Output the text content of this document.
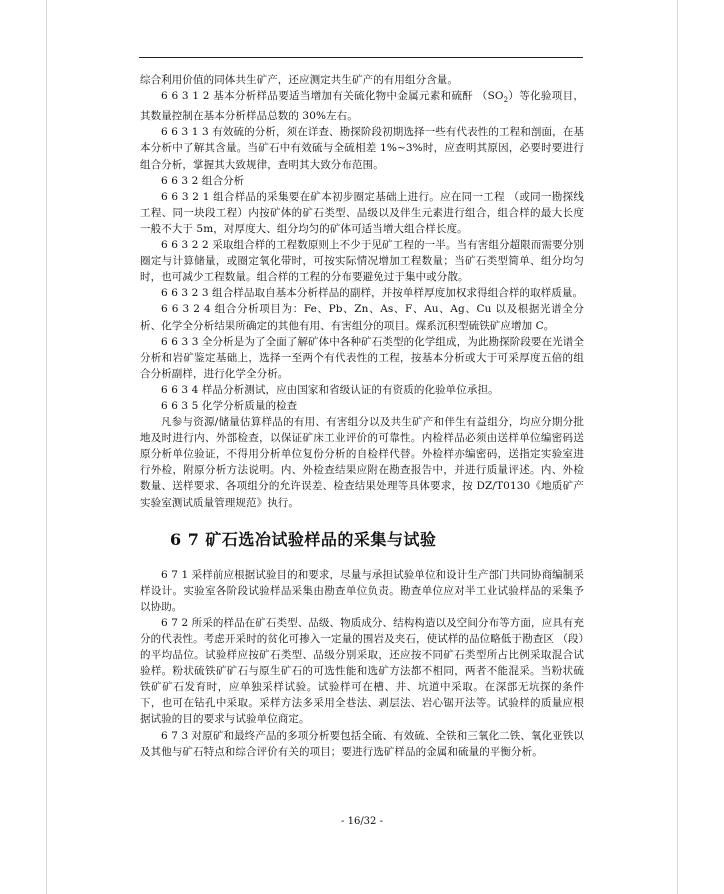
综合利用价值的同体共生矿产，还应测定共生矿产的有用组分含量。

6 6 3 1 2 基本分析样品要适当增加有关硫化物中金属元素和硫酐 $(SO_2)$等化验项目，其数量控制在基本分析样品总数的 30%左右。

6 6 3 1 3 有效硫的分析，须在详查、勘探阶段初期选择一些有代表性的工程和剖面，在基本分析中了解其含量。当矿石中有效硫与全硫相差 1%~3%时，应查明其原因，必要时要进行组合分析，掌握其大致规律，查明其大致分布范围。

6 6 3 2 组合分析

6 6 3 2 1 组合样品的采集要在矿本初步圈定基础上进行。应在同一工程 （或同一勘探线工程、同一块段工程）内按矿体的矿石类型、品级以及伴生元素进行组合，组合样的最大长度一般不大于 5m，对厚度大、组分均匀的矿体可适当增大组合样长度。

6 6 3 2 2 采取组合样的工程数原则上不少于见矿工程的一半。当有害组分超限而需要分别圈定与计算储量，或圈定氧化带时，可按实际情况增加工程数量；当矿石类型简单、组分均匀时，也可减少工程数量。组合样的工程的分布要避免过于集中或分散。

6 6 3 2 3 组合样品取自基本分析样品的副样，并按单样厚度加权求得组合样的取样质量。

6 6 3 2 4 组合分析项目为：Fe、Pb、Zn、As、F、Au、Ag、Cu 以及根据光谱全分析、化学全分析结果所确定的其他有用、有害组分的项目。煤系沉积型硫铁矿应增加 C。

6 6 3 3 全分析是为了全面了解矿体中各种矿石类型的化学组成，为此勘探阶段要在光谱全分析和岩矿鉴定基础上，选择一至两个有代表性的工程，按基本分析或大于可采厚度五倍的组合分析副样，进行化学全分析。

6 6 3 4 样品分析测试，应由国家和省级认证的有资质的化验单位承担。

6 6 3 5 化学分析质量的检查

凡参与资源/储量估算样品的有用、有害组分以及共生矿产和伴生有益组分，均应分期分批地及时进行内、外部检查，以保证矿床工业评价的可靠性。内检样品必须由送样单位编密码送原分析单位验证，不得用分析单位复份分析的自检样代替。外检样亦编密码，送指定实验室进行外检，附原分析方法说明。内、外检查结果应附在勘查报告中，并进行质量评述。内、外检数量、送样要求、各项组分的允许误差、检查结果处理等具体要求，按 DZ/T0130《地质矿产实验室测试质量管理规范》执行。

6 7 矿石选冶试验样品的采集与试验

6 7 1 采样前应根据试验目的和要求，尽量与承担试验单位和设计生产部门共同协商编制采样设计。实验室各阶段试验样品采集由勘查单位负责。勘查单位应对半工业试验样品的采集予以协助。

6 7 2 所采的样品在矿石类型、品级、物质成分、结构构造以及空间分布等方面，应具有充分的代表性。考虑开采时的贫化可掺入一定量的围岩及夹石，使试样的品位略低于勘查区 （段）的平均品位。试验样应按矿石类型、品级分别采取，还应按不同矿石类型所占比例采取混合试验样。粉状硫铁矿矿石与原生矿石的可选性能和选矿方法都不相同，两者不能混采。当粉状硫铁矿矿石发育时，应单独采样试验。试验样可在槽、井、坑道中采取。在深部无坑探的条件下，也可在钻孔中采取。采样方法多采用全巷法、剥层法、岩心锯开法等。试验样的质量应根据试验的目的要求与试验单位商定。

6 7 3 对原矿和最终产品的多项分析要包括全硫、有效硫、全铁和三氧化二铁、氧化亚铁以及其他与矿石特点和综合评价有关的项目；要进行选矿样品的金属和硫量的平衡分析。

- 16/32 -
